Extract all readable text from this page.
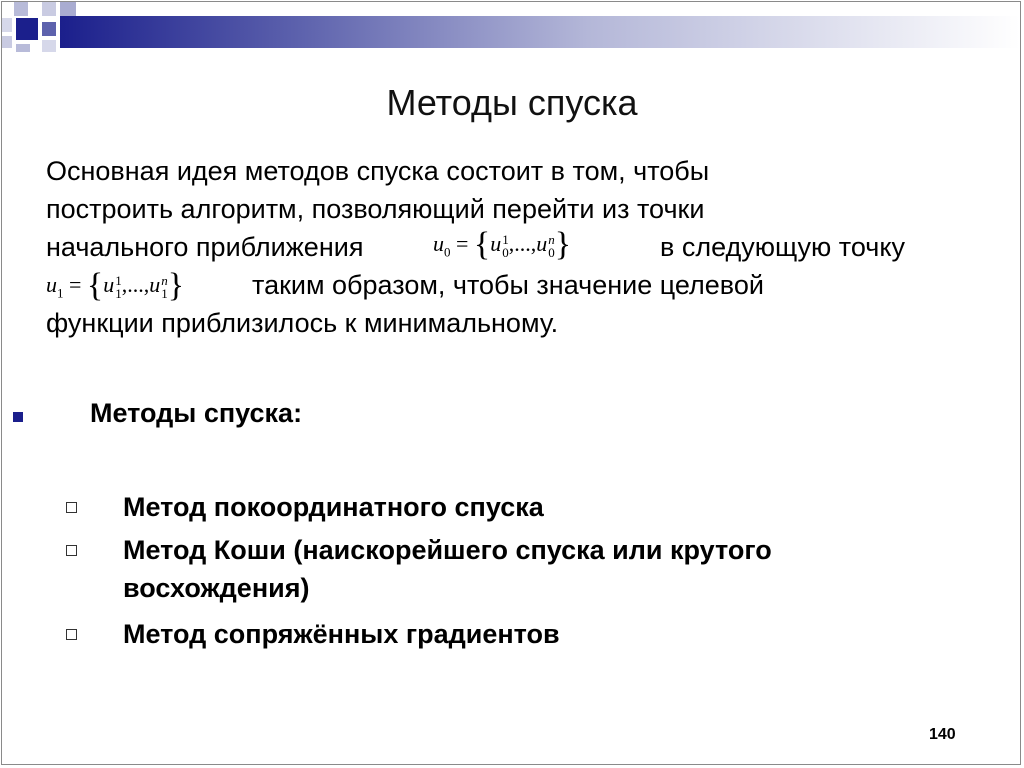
Методы спуска
Основная идея методов спуска состоит в том, чтобы
построить алгоритм, позволяющий перейти из точки
начального приближения	в следующую точку
таким образом, чтобы значение целевой
функции приблизилось к минимальному.
$u_0 = \{u1$
0,...,un
0}
$u_1 = \{u1$
1,...,un
1}
Методы спуска:
Метод покоординатного спуска
Метод Коши (наискорейшего спуска или крутого
восхождения)
Метод сопряжённых градиентов
140
